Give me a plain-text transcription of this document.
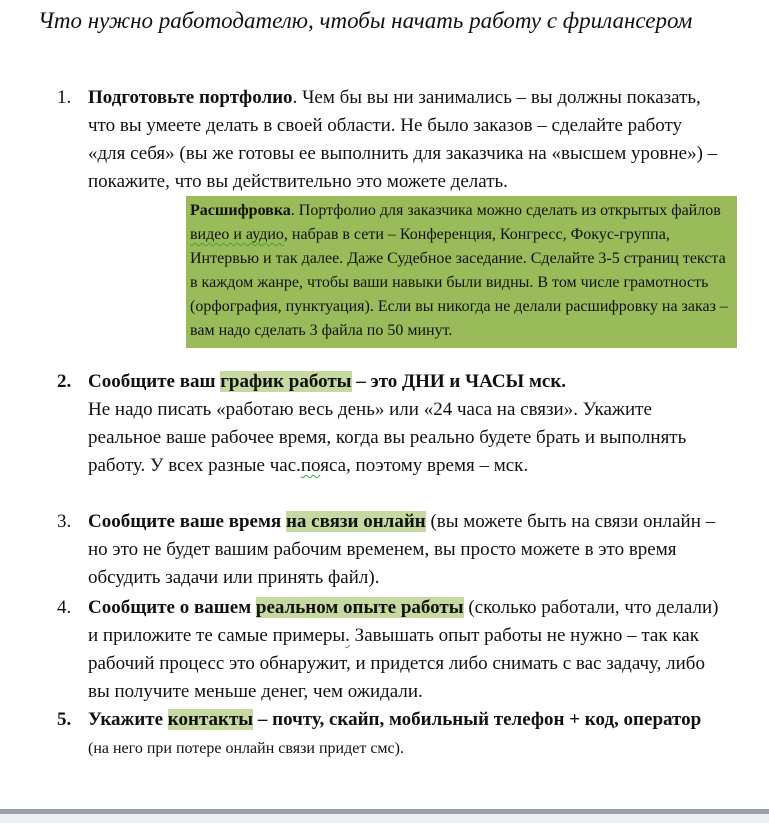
Что нужно работодателю, чтобы начать работу с фрилансером
1. Подготовьте портфолио. Чем бы вы ни занимались – вы должны показать, что вы умеете делать в своей области. Не было заказов – сделайте работу «для себя» (вы же готовы ее выполнить для заказчика на «высшем уровне») – покажите, что вы действительно это можете делать.
Расшифровка. Портфолио для заказчика можно сделать из открытых файлов видео и аудио, набрав в сети – Конференция, Конгресс, Фокус-группа, Интервью и так далее. Даже Судебное заседание. Сделайте 3-5 страниц текста в каждом жанре, чтобы ваши навыки были видны. В том числе грамотность (орфография, пунктуация). Если вы никогда не делали расшифровку на заказ – вам надо сделать 3 файла по 50 минут.
2. Сообщите ваш график работы – это ДНИ и ЧАСЫ мск.
Не надо писать «работаю весь день» или «24 часа на связи». Укажите реальное ваше рабочее время, когда вы реально будете брать и выполнять работу. У всех разные час.пояса, поэтому время – мск.
3. Сообщите ваше время на связи онлайн (вы можете быть на связи онлайн – но это не будет вашим рабочим временем, вы просто можете в это время обсудить задачи или принять файл).
4. Сообщите о вашем реальном опыте работы (сколько работали, что делали) и приложите те самые примеры. Завышать опыт работы не нужно – так как рабочий процесс это обнаружит, и придется либо снимать с вас задачу, либо вы получите меньше денег, чем ожидали.
5. Укажите контакты – почту, скайп, мобильный телефон + код, оператор (на него при потере онлайн связи придет смс).
